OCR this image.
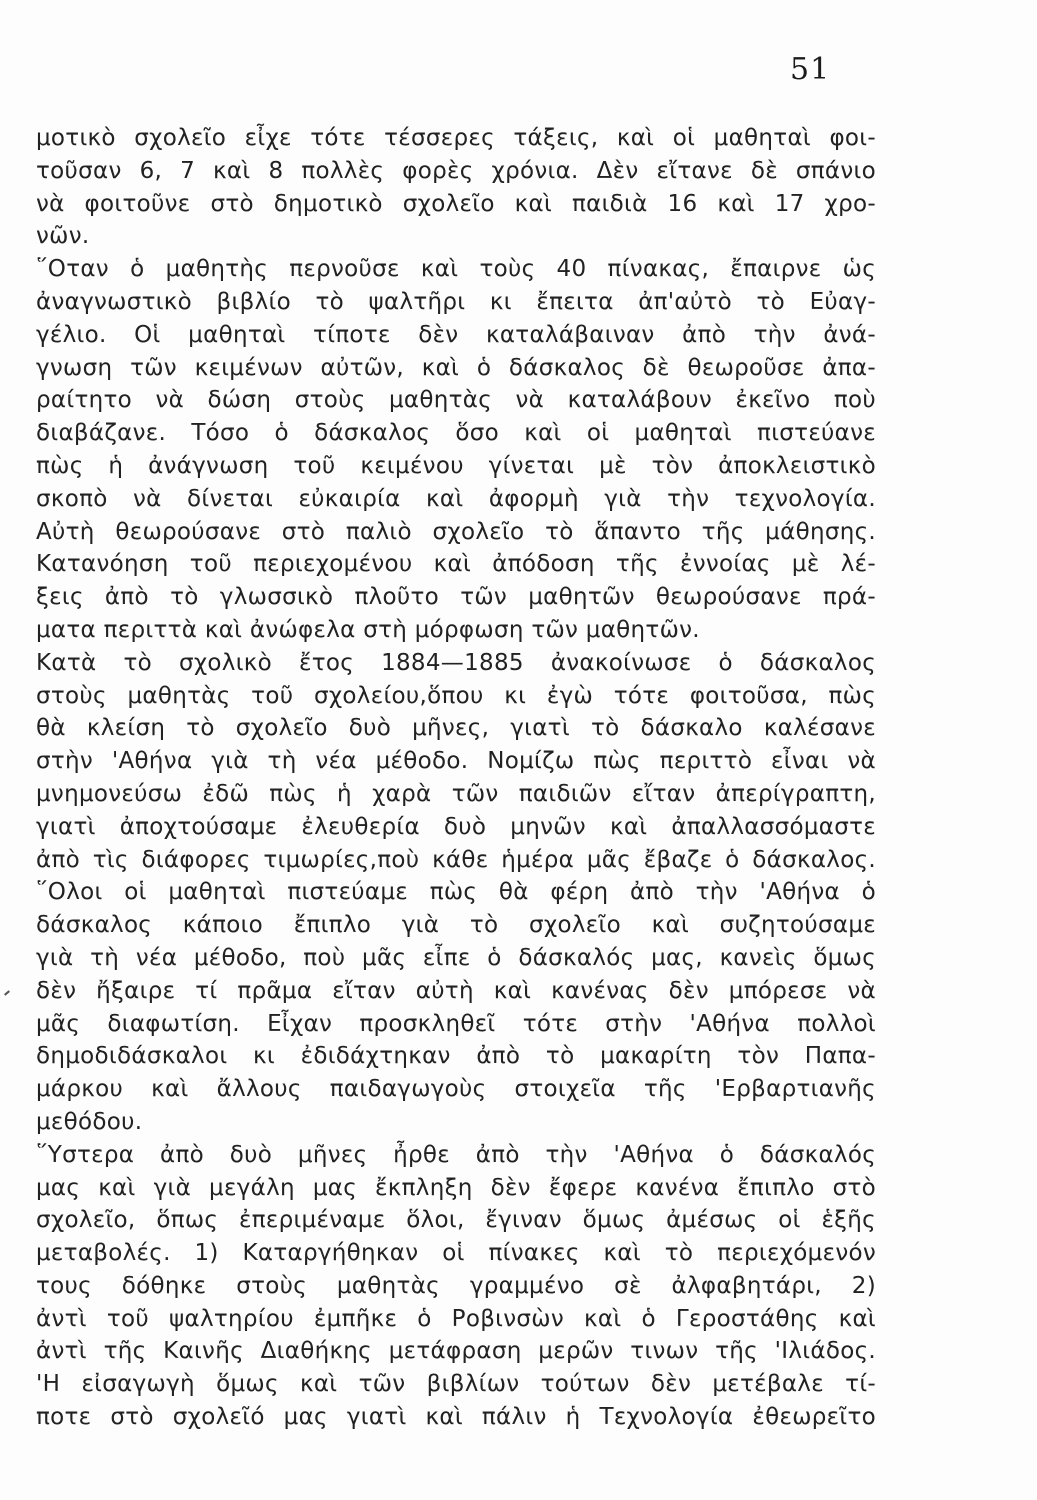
51
μοτικὸ σχολεῖο εἶχε τότε τέσσερες τάξεις, καὶ οἱ μαθηταὶ φοι-
τοῦσαν 6, 7 καὶ 8 πολλὲς φορὲς χρόνια. Δὲν εἴτανε δὲ σπάνιο
νὰ φοιτοῦνε στὸ δημοτικὸ σχολεῖο καὶ παιδιὰ 16 καὶ 17 χρο-
νῶν.
῞Οταν ὁ μαθητὴς περνοῦσε καὶ τοὺς 40 πίνακας, ἔπαιρνε ὡς
ἀναγνωστικὸ βιβλίο τὸ ψαλτῆρι κι ἔπειτα ἀπ'αὐτὸ τὸ Εὐαγ-
γέλιο. Οἱ μαθηταὶ τίποτε δὲν καταλάβαιναν ἀπὸ τὴν ἀνά-
γνωση τῶν κειμένων αὐτῶν, καὶ ὁ δάσκαλος δὲ θεωροῦσε ἀπα-
ραίτητο νὰ δώση στοὺς μαθητὰς νὰ καταλάβουν ἐκεῖνο ποὺ
διαβάζανε. Τόσο ὁ δάσκαλος ὅσο καὶ οἱ μαθηταὶ πιστεύανε
πὼς ἡ ἀνάγνωση τοῦ κειμένου γίνεται μὲ τὸν ἀποκλειστικὸ
σκοπὸ νὰ δίνεται εὐκαιρία καὶ ἀφορμὴ γιὰ τὴν τεχνολογία.
Αὐτὴ θεωρούσανε στὸ παλιὸ σχολεῖο τὸ ἅπαντο τῆς μάθησης.
Κατανόηση τοῦ περιεχομένου καὶ ἀπόδοση τῆς ἐννοίας μὲ λέ-
ξεις ἀπὸ τὸ γλωσσικὸ πλοῦτο τῶν μαθητῶν θεωρούσανε πρά-
ματα περιττὰ καὶ ἀνώφελα στὴ μόρφωση τῶν μαθητῶν.
Κατὰ τὸ σχολικὸ ἔτος 1884—1885 ἀνακοίνωσε ὁ δάσκαλος
στοὺς μαθητὰς τοῦ σχολείου,ὅπου κι ἐγὼ τότε φοιτοῦσα, πὼς
θὰ κλείση τὸ σχολεῖο δυὸ μῆνες, γιατὶ τὸ δάσκαλο καλέσανε
στὴν 'Αθήνα γιὰ τὴ νέα μέθοδο. Νομίζω πὼς περιττὸ εἶναι νὰ
μνημονεύσω ἐδῶ πὼς ἡ χαρὰ τῶν παιδιῶν εἴταν ἀπερίγραπτη,
γιατὶ ἀποχτούσαμε ἐλευθερία δυὸ μηνῶν καὶ ἀπαλλασσόμαστε
ἀπὸ τὶς διάφορες τιμωρίες,ποὺ κάθε ἡμέρα μᾶς ἔβαζε ὁ δάσκαλος.
῞Ολοι οἱ μαθηταὶ πιστεύαμε πὼς θὰ φέρη ἀπὸ τὴν 'Αθήνα ὁ
δάσκαλος κάποιο ἔπιπλο γιὰ τὸ σχολεῖο καὶ συζητούσαμε
γιὰ τὴ νέα μέθοδο, ποὺ μᾶς εἶπε ὁ δάσκαλός μας, κανεὶς ὅμως
δὲν ἤξαιρε τί πρᾶμα εἴταν αὐτὴ καὶ κανένας δὲν μπόρεσε νὰ
μᾶς διαφωτίση. Εἶχαν προσκληθεῖ τότε στὴν 'Αθήνα πολλοὶ
δημοδιδάσκαλοι κι ἐδιδάχτηκαν ἀπὸ τὸ μακαρίτη τὸν Παπα-
μάρκου καὶ ἄλλους παιδαγωγοὺς στοιχεῖα τῆς 'Ερβαρτιανῆς
μεθόδου.
῞Υστερα ἀπὸ δυὸ μῆνες ἦρθε ἀπὸ τὴν 'Αθήνα ὁ δάσκαλός
μας καὶ γιὰ μεγάλη μας ἔκπληξη δὲν ἔφερε κανένα ἔπιπλο στὸ
σχολεῖο, ὅπως ἐπεριμέναμε ὅλοι, ἔγιναν ὅμως ἀμέσως οἱ ἑξῆς
μεταβολές. 1) Καταργήθηκαν οἱ πίνακες καὶ τὸ περιεχόμενόν
τους δόθηκε στοὺς μαθητὰς γραμμένο σὲ ἀλφαβητάρι, 2)
ἀντὶ τοῦ ψαλτηρίου ἐμπῆκε ὁ Ροβινσὼν καὶ ὁ Γεροστάθης καὶ
ἀντὶ τῆς Καινῆς Διαθήκης μετάφραση μερῶν τινων τῆς 'Ιλιάδος.
'Η εἰσαγωγὴ ὅμως καὶ τῶν βιβλίων τούτων δὲν μετέβαλε τί-
ποτε στὸ σχολεῖό μας γιατὶ καὶ πάλιν ἡ Τεχνολογία ἐθεωρεῖτο
